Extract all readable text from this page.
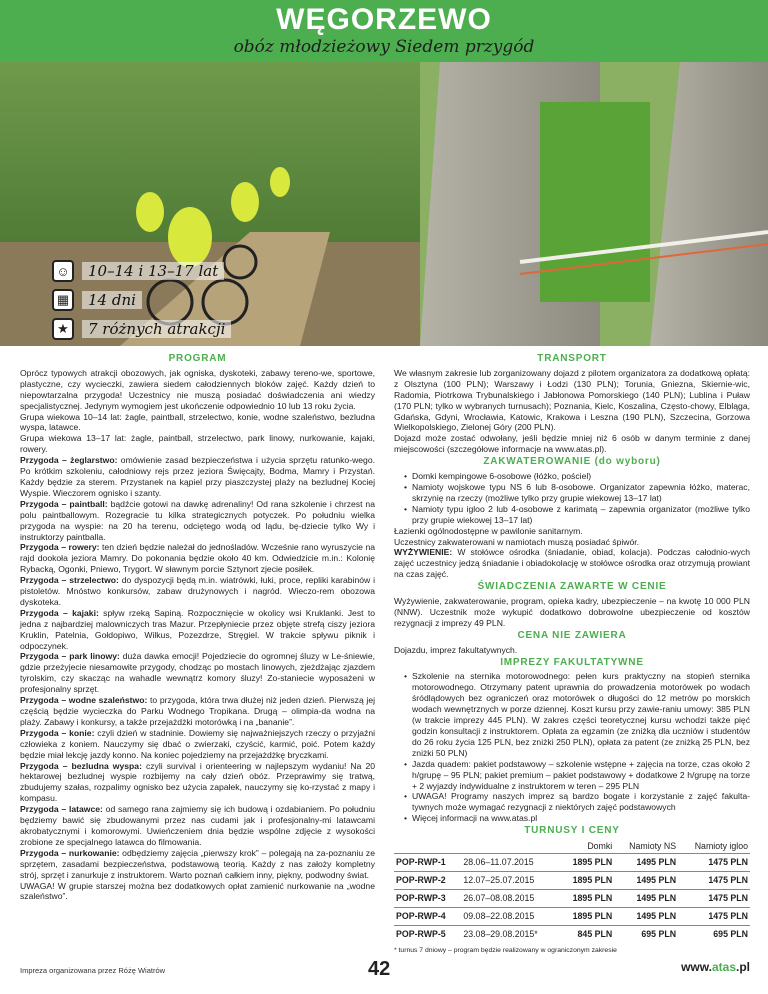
WĘGORZEWO
obóz młodzieżowy Siedem przygód
☺	10–14 i 13–17 lat
▦	14 dni
★	7 różnych atrakcji
PROGRAM

Oprócz typowych atrakcji obozowych, jak ogniska, dyskoteki, zabawy tereno-we, sportowe, plastyczne, czy wycieczki, zawiera siedem całodziennych bloków zajęć. Każdy dzień to niepowtarzalna przygoda! Uczestnicy nie muszą posiadać doświadczenia ani wiedzy specjalistycznej. Jedynym wymogiem jest ukończenie odpowiednio 10 lub 13 roku życia.

Grupa wiekowa 10–14 lat: żagle, paintball, strzelectwo, konie, wodne szaleństwo, bezludna wyspa, latawce.

Grupa wiekowa 13–17 lat: żagle, paintball, strzelectwo, park linowy, nurkowanie, kajaki, rowery.

Przygoda – żeglarstwo: omówienie zasad bezpieczeństwa i użycia sprzętu ratunko-wego. Po krótkim szkoleniu, całodniowy rejs przez jeziora Święcajty, Bodma, Mamry i Przystań. Każdy będzie za sterem. Przystanek na kąpiel przy piaszczystej plaży na bezludnej Kociej Wyspie. Wieczorem ognisko i szanty.

Przygoda – paintball: bądźcie gotowi na dawkę adrenaliny! Od rana szkolenie i chrzest na polu paintballowym. Rozegracie tu kilka strategicznych potyczek. Po południu wielka przygoda na wyspie: na 20 ha terenu, odciętego wodą od lądu, bę-dziecie tylko Wy i instruktorzy paintballa.

Przygoda – rowery: ten dzień będzie należał do jednośladów. Wcześnie rano wyruszycie na rajd dookoła jeziora Mamry. Do pokonania będzie około 40 km. Odwiedzicie m.in.: Kolonię Rybacką, Ogonki, Pniewo, Trygort. W sławnym porcie Sztynort zjecie posiłek.

Przygoda – strzelectwo: do dyspozycji będą m.in. wiatrówki, łuki, proce, repliki karabinów i pistoletów. Mnóstwo konkursów, zabaw drużynowych i nagród. Wieczo-rem obozowa dyskoteka.

Przygoda – kajaki: spływ rzeką Sapiną. Rozpocznięcie w okolicy wsi Kruklanki. Jest to jedna z najbardziej malowniczych tras Mazur. Przepłyniecie przez objęte strefą ciszy jeziora Kruklin, Patelnia, Gołdopiwo, Wilkus, Pozezdrze, Stręgiel. W trakcie spływu piknik i odpoczynek.

Przygoda – park linowy: duża dawka emocji! Pojedziecie do ogromnej śluzy w Le-śniewie, gdzie przeżyjecie niesamowite przygody, chodząc po mostach linowych, zjeżdżając zjazdem tyrolskim, czy skacząc na wahadle wewnątrz komory śluzy! Zo-staniecie wyposażeni w profesjonalny sprzęt.

Przygoda – wodne szaleństwo: to przygoda, która trwa dłużej niż jeden dzień. Pierwszą jej częścią będzie wycieczka do Parku Wodnego Tropikana. Drugą – olimpia-da wodna na plaży. Zabawy i konkursy, a także przejażdżki motorówką i na „bananie”.

Przygoda – konie: czyli dzień w stadninie. Dowiemy się najważniejszych rzeczy o przyjaźni człowieka z koniem. Nauczymy się dbać o zwierzaki, czyścić, karmić, poić. Potem każdy będzie miał lekcję jazdy konno. Na koniec pojedziemy na przejażdżkę bryczkami.

Przygoda – bezludna wyspa: czyli survival i orienteering w najlepszym wydaniu! Na 20 hektarowej bezludnej wyspie rozbijemy na cały dzień obóz. Przeprawimy się tratwą, zbudujemy szałas, rozpalimy ognisko bez użycia zapałek, nauczymy się ko-rzystać z mapy i kompasu.

Przygoda – latawce: od samego rana zajmiemy się ich budową i ozdabianiem. Po południu będziemy bawić się zbudowanymi przez nas cudami jak i profesjonalny-mi latawcami akrobatycznymi i komorowymi. Uwieńczeniem dnia będzie wspólne zdjęcie z wysokości zrobione ze specjalnego latawca do filmowania.

Przygoda – nurkowanie: odbędziemy zajęcia „pierwszy krok” – polegają na za-poznaniu ze sprzętem, zasadami bezpieczeństwa, podstawową teorią. Każdy z nas założy kompletny strój, sprzęt i zanurkuje z instruktorem. Warto poznań całkiem inny, piękny, podwodny świat.

UWAGA! W grupie starszej można bez dodatkowych opłat zamienić nurkowanie na „wodne szaleństwo”.

TRANSPORT

We własnym zakresie lub zorganizowany dojazd z pilotem organizatora za dodatkową opłatą: z Olsztyna (100 PLN); Warszawy i Łodzi (130 PLN); Torunia, Gniezna, Skiernie-wic, Radomia, Piotrkowa Trybunalskiego i Jabłonowa Pomorskiego (140 PLN); Lublina i Puław (170 PLN; tylko w wybranych turnusach); Poznania, Kielc, Koszalina, Często-chowy, Elbląga, Gdańska, Gdyni, Wrocławia, Katowic, Krakowa i Leszna (190 PLN), Szczecina, Gorzowa Wielkopolskiego, Zielonej Góry (200 PLN).

Dojazd może zostać odwołany, jeśli będzie mniej niż 6 osób w danym terminie z danej miejscowości (szczegółowe informacje na www.atas.pl).

ZAKWATEROWANIE (do wyboru)
• Domki kempingowe 6-osobowe (łóżko, pościel)
• Namioty wojskowe typu NS 6 lub 8-osobowe. Organizator zapewnia łóżko, materac, skrzynię na rzeczy (możliwe tylko przy grupie wiekowej 13–17 lat)
• Namioty typu igloo 2 lub 4-osobowe z karimatą – zapewnia organizator (możliwe tylko przy grupie wiekowej 13–17 lat)

Łazienki ogólnodostępne w pawilonie sanitarnym.

Uczestnicy zakwaterowani w namiotach muszą posiadać śpiwór.

WYŻYWIENIE: W stołówce ośrodka (śniadanie, obiad, kolacja). Podczas całodnio-wych zajęć uczestnicy jedzą śniadanie i obiadokolację w stołówce ośrodka oraz otrzymują prowiant na czas zajęć.

ŚWIADCZENIA ZAWARTE W CENIE

Wyżywienie, zakwaterowanie, program, opieka kadry, ubezpieczenie – na kwotę 10 000 PLN (NNW). Uczestnik może wykupić dodatkowo dobrowolne ubezpieczenie od kosztów rezygnacji z imprezy 49 PLN.

CENA NIE ZAWIERA

Dojazdu, imprez fakultatywnych.

IMPREZY FAKULTATYWNE
• Szkolenie na sternika motorowodnego: pełen kurs praktyczny na stopień sternika motorowodnego. Otrzymany patent uprawnia do prowadzenia motorówek po wodach śródlądowych bez ograniczeń oraz motorówek o długości do 12 metrów po morskich wodach wewnętrznych w porze dziennej. Koszt kursu przy zawie-raniu umowy: 385 PLN (w trakcie imprezy 445 PLN). W zakres części teoretycznej kursu wchodzi także pięć godzin konsultacji z instruktorem. Opłata za egzamin (ze zniżką dla uczniów i studentów do 26 roku życia 125 PLN, bez zniżki 250 PLN), opłata za patent (ze zniżką 25 PLN, bez zniżki 50 PLN)
• Jazda quadem: pakiet podstawowy – szkolenie wstępne + zajęcia na torze, czas około 2 h/grupę – 95 PLN; pakiet premium – pakiet podstawowy + dodatkowe 2 h/grupę na torze + 2 wyjazdy indywidualne z instruktorem w teren – 295 PLN
• UWAGA! Programy naszych imprez są bardzo bogate i korzystanie z zajęć fakulta-tywnych może wymagać rezygnacji z niektórych zajęć podstawowych
• Więcej informacji na www.atas.pl
TURNUSY I CENY
		Domki	Namioty NS	Namioty igloo
POP-RWP-1	28.06–11.07.2015	1895 PLN	1495 PLN	1475 PLN
POP-RWP-2	12.07–25.07.2015	1895 PLN	1495 PLN	1475 PLN
POP-RWP-3	26.07–08.08.2015	1895 PLN	1495 PLN	1475 PLN
POP-RWP-4	09.08–22.08.2015	1895 PLN	1495 PLN	1475 PLN
POP-RWP-5	23.08–29.08.2015*	845 PLN	695 PLN	695 PLN
* turnus 7 dniowy – program będzie realizowany w ograniczonym zakresie
Impreza organizowana przez Różę Wiatrów	42	www.atas.pl
